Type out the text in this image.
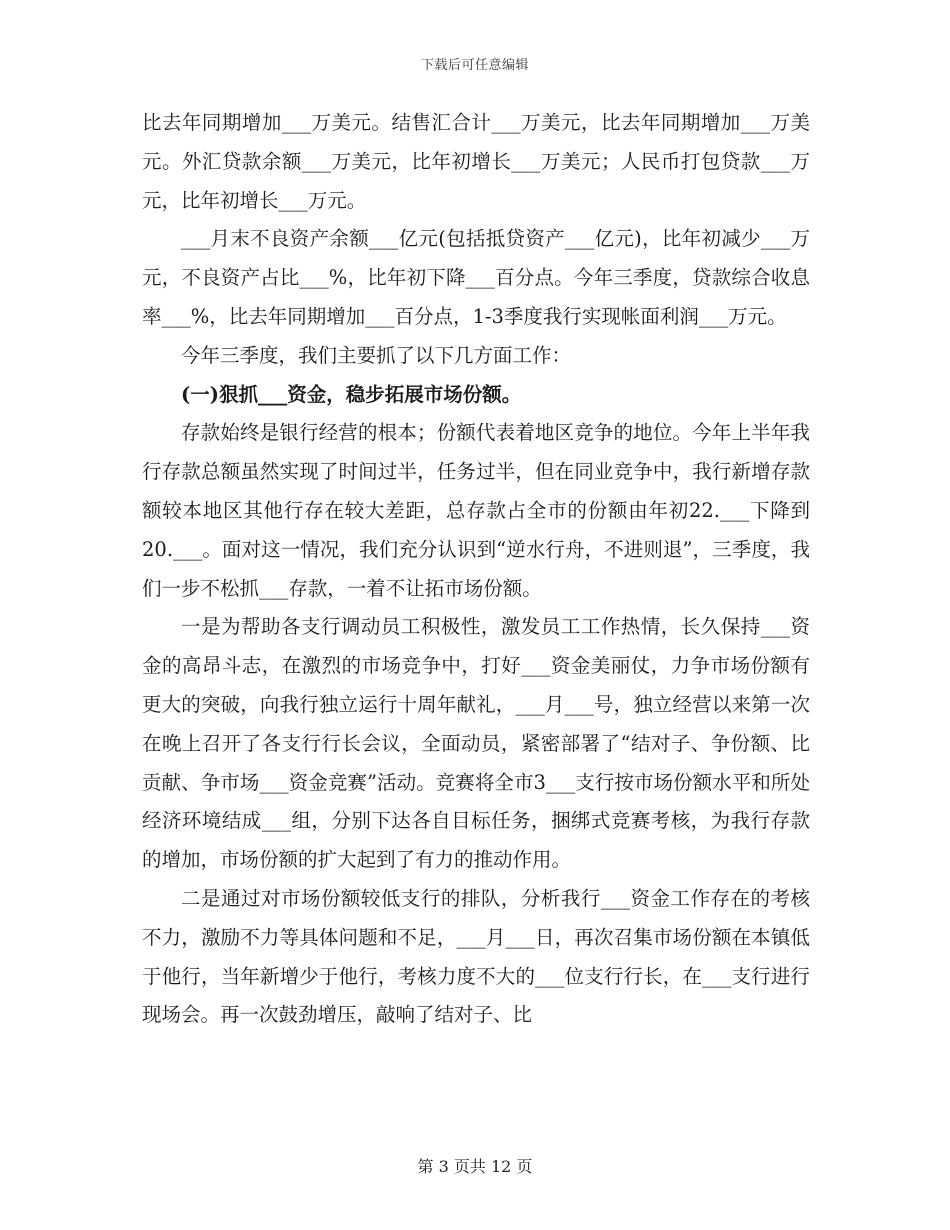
下载后可任意编辑

比去年同期增加___万美元。结售汇合计___万美元，比去年同期增加___万美元。外汇贷款余额___万美元，比年初增长___万美元；人民币打包贷款___万元，比年初增长___万元。

___月末不良资产余额___亿元(包括抵贷资产___亿元)，比年初减少___万元，不良资产占比___%，比年初下降___百分点。今年三季度，贷款综合收息率___%，比去年同期增加___百分点，1-3季度我行实现帐面利润___万元。

今年三季度，我们主要抓了以下几方面工作：

(一)狠抓___资金，稳步拓展市场份额。

存款始终是银行经营的根本；份额代表着地区竞争的地位。今年上半年我行存款总额虽然实现了时间过半，任务过半，但在同业竞争中，我行新增存款额较本地区其他行存在较大差距，总存款占全市的份额由年初22.___下降到20.___。面对这一情况，我们充分认识到“逆水行舟，不进则退”，三季度，我们一步不松抓___存款，一着不让拓市场份额。

一是为帮助各支行调动员工积极性，激发员工工作热情，长久保持___资金的高昂斗志，在激烈的市场竞争中，打好___资金美丽仗，力争市场份额有更大的突破，向我行独立运行十周年献礼，___月___号，独立经营以来第一次在晚上召开了各支行行长会议，全面动员，紧密部署了“结对子、争份额、比贡献、争市场___资金竞赛”活动。竞赛将全市3___支行按市场份额水平和所处经济环境结成___组，分别下达各自目标任务，捆绑式竞赛考核，为我行存款的增加，市场份额的扩大起到了有力的推动作用。

二是通过对市场份额较低支行的排队，分析我行___资金工作存在的考核不力，激励不力等具体问题和不足，___月___日，再次召集市场份额在本镇低于他行，当年新增少于他行，考核力度不大的___位支行行长，在___支行进行现场会。再一次鼓劲增压，敲响了结对子、比

第 3 页共 12 页
